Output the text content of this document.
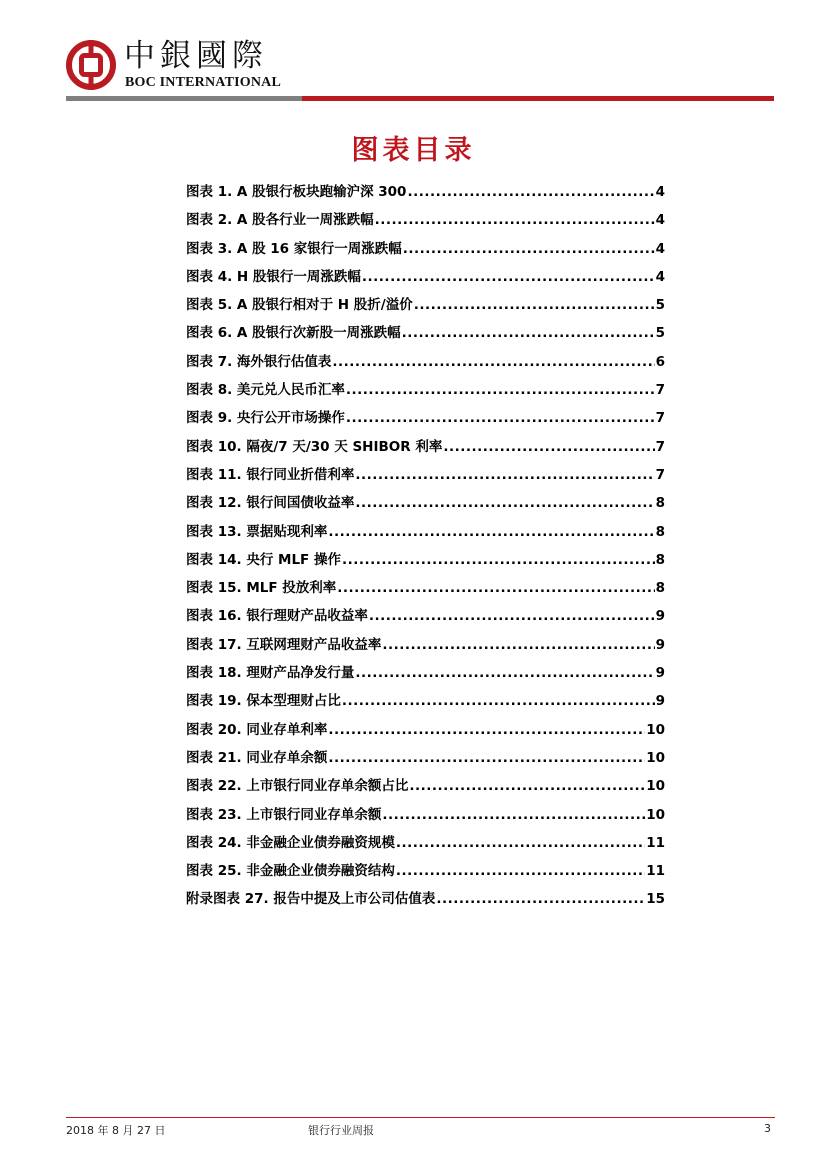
中銀國際
BOC INTERNATIONAL
图表目录
图表 1. A 股银行板块跑输沪深 300 .....	4
图表 2. A 股各行业一周涨跌幅 .....	4
图表 3. A 股 16 家银行一周涨跌幅 .....	4
图表 4. H 股银行一周涨跌幅 .....	4
图表 5. A 股银行相对于 H 股折/溢价 .....	5
图表 6. A 股银行次新股一周涨跌幅 .....	5
图表 7. 海外银行估值表 .....	6
图表 8. 美元兑人民币汇率 .....	7
图表 9. 央行公开市场操作 .....	7
图表 10. 隔夜/7 天/30 天 SHIBOR 利率 .....	7
图表 11. 银行同业折借利率 .....	7
图表 12. 银行间国债收益率 .....	8
图表 13. 票据贴现利率 .....	8
图表 14. 央行 MLF 操作 .....	8
图表 15. MLF 投放利率 .....	8
图表 16. 银行理财产品收益率 .....	9
图表 17. 互联网理财产品收益率 .....	9
图表 18. 理财产品净发行量 .....	9
图表 19. 保本型理财占比 .....	9
图表 20. 同业存单利率 .....	10
图表 21. 同业存单余额 .....	10
图表 22. 上市银行同业存单余额占比 .....	10
图表 23. 上市银行同业存单余额 .....	10
图表 24. 非金融企业债券融资规模 .....	11
图表 25. 非金融企业债券融资结构 .....	11
附录图表 27. 报告中提及上市公司估值表 .....	15
2018 年 8 月 27 日	银行行业周报	3
